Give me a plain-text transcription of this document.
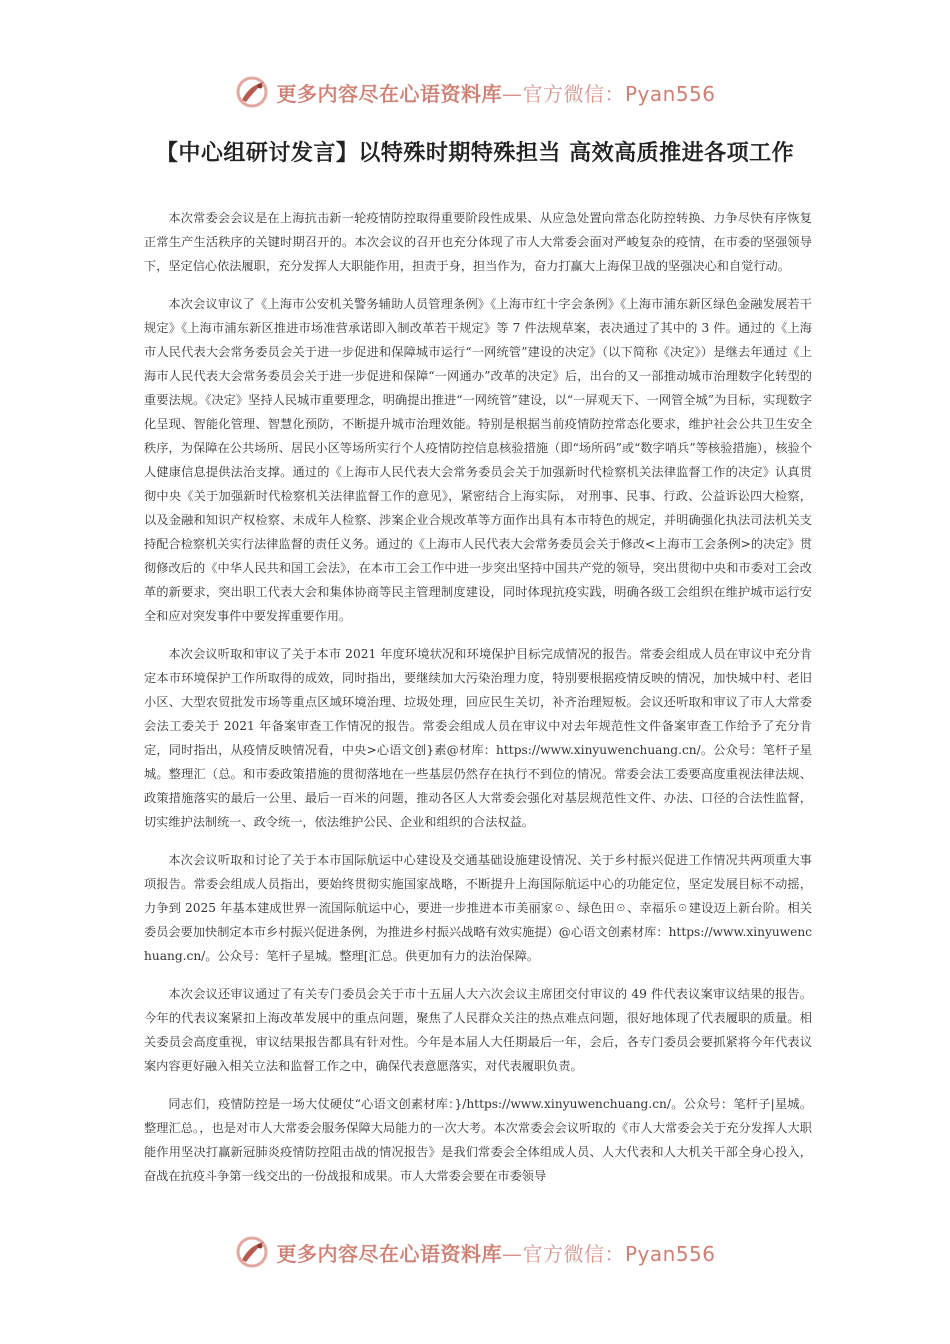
更多内容尽在心语资料库—官方微信：Pyan556
【中心组研讨发言】以特殊时期特殊担当 高效高质推进各项工作

本次常委会会议是在上海抗击新一轮疫情防控取得重要阶段性成果、从应急处置向常态化防控转换、力争尽快有序恢复正常生产生活秩序的关键时期召开的。本次会议的召开也充分体现了市人大常委会面对严峻复杂的疫情，在市委的坚强领导下，坚定信心依法履职，充分发挥人大职能作用，担责于身，担当作为，奋力打赢大上海保卫战的坚强决心和自觉行动。

本次会议审议了《上海市公安机关警务辅助人员管理条例》《上海市红十字会条例》《上海市浦东新区绿色金融发展若干规定》《上海市浦东新区推进市场准营承诺即入制改革若干规定》等 7 件法规草案，表决通过了其中的 3 件。通过的《上海市人民代表大会常务委员会关于进一步促进和保障城市运行“一网统管”建设的决定》（以下简称《决定》）是继去年通过《上海市人民代表大会常务委员会关于进一步促进和保障“一网通办”改革的决定》后，出台的又一部推动城市治理数字化转型的重要法规。《决定》坚持人民城市重要理念，明确提出推进“一网统管”建设，以“一屏观天下、一网管全城”为目标，实现数字化呈现、智能化管理、智慧化预防，不断提升城市治理效能。特别是根据当前疫情防控常态化要求，维护社会公共卫生安全秩序，为保障在公共场所、居民小区等场所实行个人疫情防控信息核验措施（即“场所码”或“数字哨兵”等核验措施），核验个人健康信息提供法治支撑。通过的《上海市人民代表大会常务委员会关于加强新时代检察机关法律监督工作的决定》认真贯彻中央《关于加强新时代检察机关法律监督工作的意见》，紧密结合上海实际， 对刑事、民事、行政、公益诉讼四大检察，以及金融和知识产权检察、未成年人检察、涉案企业合规改革等方面作出具有本市特色的规定，并明确强化执法司法机关支持配合检察机关实行法律监督的责任义务。通过的《上海市人民代表大会常务委员会关于修改<上海市工会条例>的决定》贯彻修改后的《中华人民共和国工会法》，在本市工会工作中进一步突出坚持中国共产党的领导，突出贯彻中央和市委对工会改革的新要求，突出职工代表大会和集体协商等民主管理制度建设，同时体现抗疫实践，明确各级工会组织在维护城市运行安全和应对突发事件中要发挥重要作用。

本次会议听取和审议了关于本市 2021 年度环境状况和环境保护目标完成情况的报告。常委会组成人员在审议中充分肯定本市环境保护工作所取得的成效，同时指出，要继续加大污染治理力度，特别要根据疫情反映的情况，加快城中村、老旧小区、大型农贸批发市场等重点区域环境治理、垃圾处理，回应民生关切，补齐治理短板。会议还听取和审议了市人大常委会法工委关于 2021 年备案审查工作情况的报告。常委会组成人员在审议中对去年规范性文件备案审查工作给予了充分肯定，同时指出，从疫情反映情况看，中央>心语文创}素@材库：https://www.xinyuwenchuang.cn/。公众号：笔杆子星城。整理汇（总。和市委政策措施的贯彻落地在一些基层仍然存在执行不到位的情况。常委会法工委要高度重视法律法规、政策措施落实的最后一公里、最后一百米的问题，推动各区人大常委会强化对基层规范性文件、办法、口径的合法性监督，切实维护法制统一、政令统一，依法维护公民、企业和组织的合法权益。

本次会议听取和讨论了关于本市国际航运中心建设及交通基础设施建设情况、关于乡村振兴促进工作情况共两项重大事项报告。常委会组成人员指出，要始终贯彻实施国家战略，不断提升上海国际航运中心的功能定位，坚定发展目标不动摇，力争到 2025 年基本建成世界一流国际航运中心，要进一步推进本市美丽家☉、绿色田☉、幸福乐☉建设迈上新台阶。相关委员会要加快制定本市乡村振兴促进条例，为推进乡村振兴战略有效实施提）@心语文创素材库：https://www.xinyuwenchuang.cn/。公众号：笔杆子星城。整理[汇总。供更加有力的法治保障。

本次会议还审议通过了有关专门委员会关于市十五届人大六次会议主席团交付审议的 49 件代表议案审议结果的报告。今年的代表议案紧扣上海改革发展中的重点问题，聚焦了人民群众关注的热点难点问题，很好地体现了代表履职的质量。相关委员会高度重视，审议结果报告都具有针对性。今年是本届人大任期最后一年，会后，各专门委员会要抓紧将今年代表议案内容更好融入相关立法和监督工作之中，确保代表意愿落实，对代表履职负责。

同志们，疫情防控是一场大仗硬仗“心语文创素材库：}/https://www.xinyuwenchuang.cn/。公众号：笔杆子|星城。整理汇总。，也是对市人大常委会服务保障大局能力的一次大考。本次常委会会议听取的《市人大常委会关于充分发挥人大职能作用坚决打赢新冠肺炎疫情防控阻击战的情况报告》是我们常委会全体组成人员、人大代表和人大机关干部全身心投入，奋战在抗疫斗争第一线交出的一份战报和成果。市人大常委会要在市委领导

更多内容尽在心语资料库—官方微信：Pyan556
